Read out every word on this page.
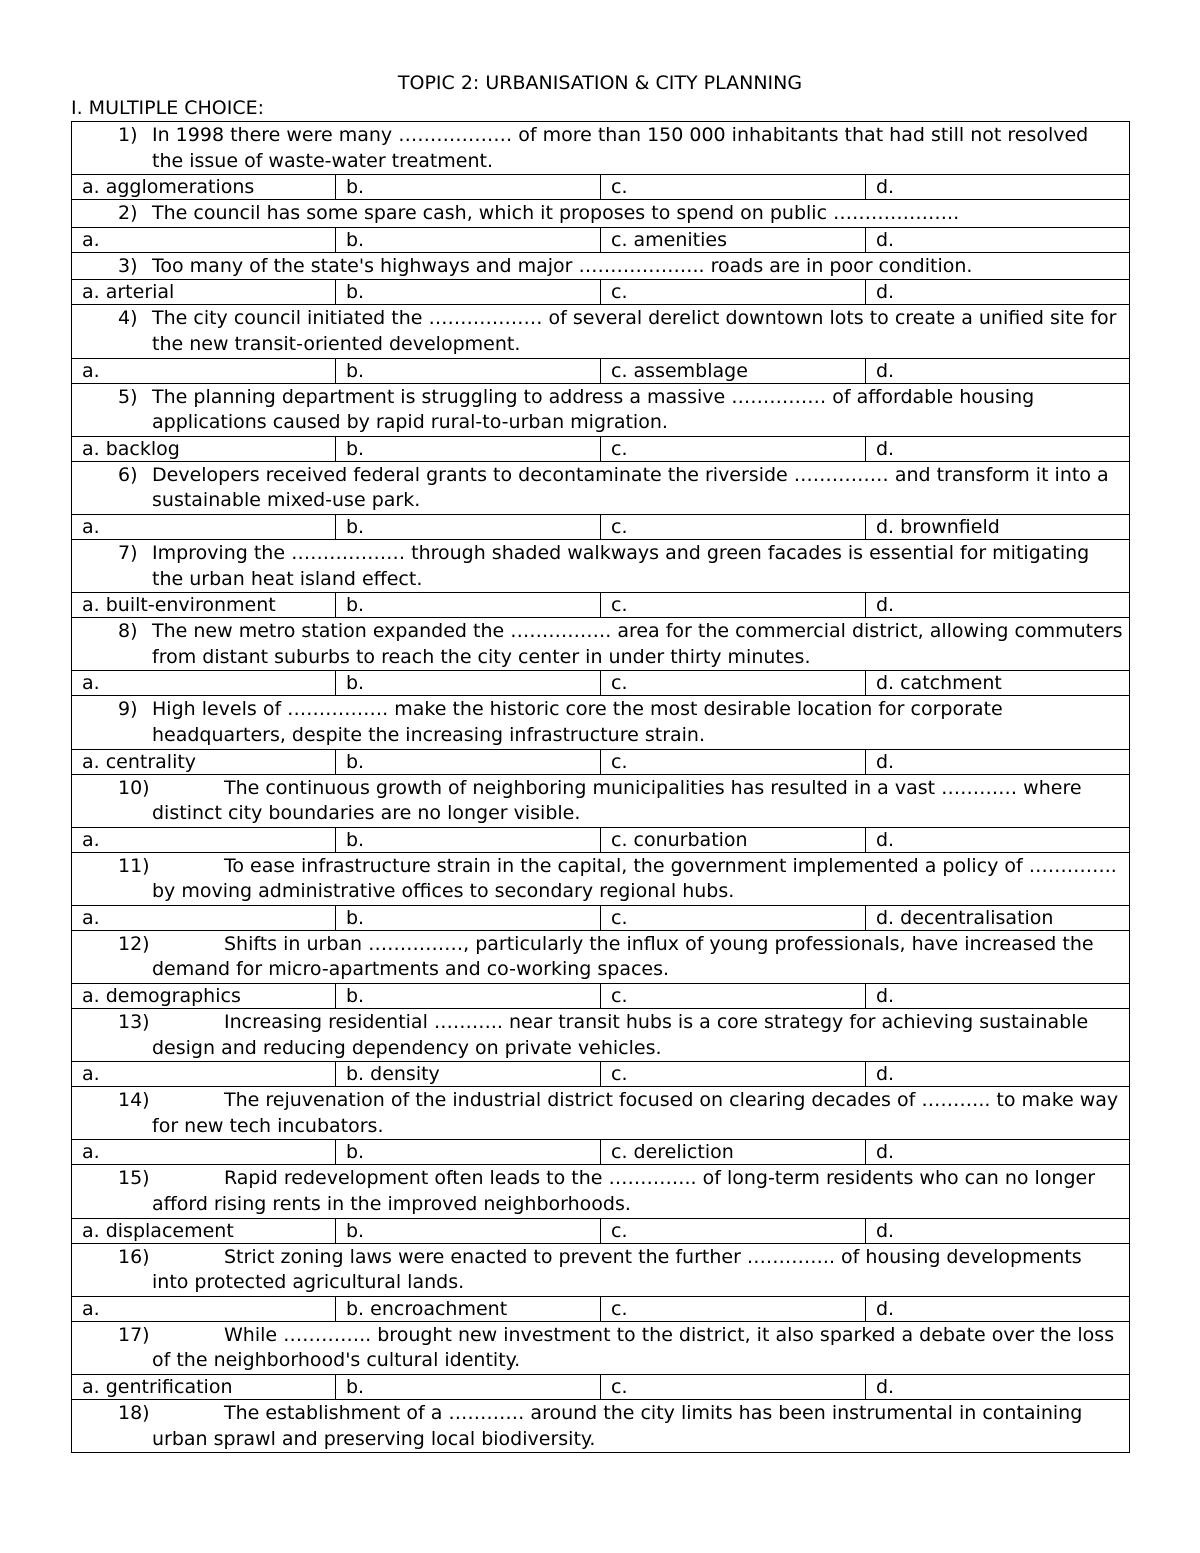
TOPIC 2: URBANISATION & CITY PLANNING
I. MULTIPLE CHOICE:
1) In 1998 there were many ……………… of more than 150 000 inhabitants that had still not resolved the issue of waste-water treatment.			

a. agglomerations	b.	c.	d.

2) The council has some spare cash, which it proposes to spend on public ………………..			

a.	b.	c. amenities	d.

3) Too many of the state's highways and major ……………….. roads are in poor condition.			

a. arterial	b.	c.	d.

4) The city council initiated the ……………… of several derelict downtown lots to create a unified site for the new transit-oriented development.			

a.	b.	c. assemblage	d.

5) The planning department is struggling to address a massive …………… of affordable housing applications caused by rapid rural-to-urban migration.			

a. backlog	b.	c.	d.

6) Developers received federal grants to decontaminate the riverside …………… and transform it into a sustainable mixed-use park.			

a.	b.	c.	d. brownfield

7) Improving the ……………… through shaded walkways and green facades is essential for mitigating the urban heat island effect.			

a. built-environment	b.	c.	d.

8) The new metro station expanded the ……………. area for the commercial district, allowing commuters from distant suburbs to reach the city center in under thirty minutes.			

a.	b.	c.	d. catchment

9) High levels of ……………. make the historic core the most desirable location for corporate headquarters, despite the increasing infrastructure strain.			

a. centrality	b.	c.	d.

10) The continuous growth of neighboring municipalities has resulted in a vast ………… where distinct city boundaries are no longer visible.			

a.	b.	c. conurbation	d.

11) To ease infrastructure strain in the capital, the government implemented a policy of ………….. by moving administrative offices to secondary regional hubs.			

a.	b.	c.	d. decentralisation

12) Shifts in urban ……………, particularly the influx of young professionals, have increased the demand for micro-apartments and co-working spaces.			

a. demographics	b.	c.	d.

13) Increasing residential ……….. near transit hubs is a core strategy for achieving sustainable design and reducing dependency on private vehicles.			

a.	b. density	c.	d.

14) The rejuvenation of the industrial district focused on clearing decades of ……….. to make way for new tech incubators.			

a.	b.	c. dereliction	d.

15) Rapid redevelopment often leads to the ………….. of long-term residents who can no longer afford rising rents in the improved neighborhoods.			

a. displacement	b.	c.	d.

16) Strict zoning laws were enacted to prevent the further ………….. of housing developments into protected agricultural lands.			

a.	b. encroachment	c.	d.

17) While ………….. brought new investment to the district, it also sparked a debate over the loss of the neighborhood's cultural identity.			

a. gentrification	b.	c.	d.

18) The establishment of a ………… around the city limits has been instrumental in containing urban sprawl and preserving local biodiversity.			
